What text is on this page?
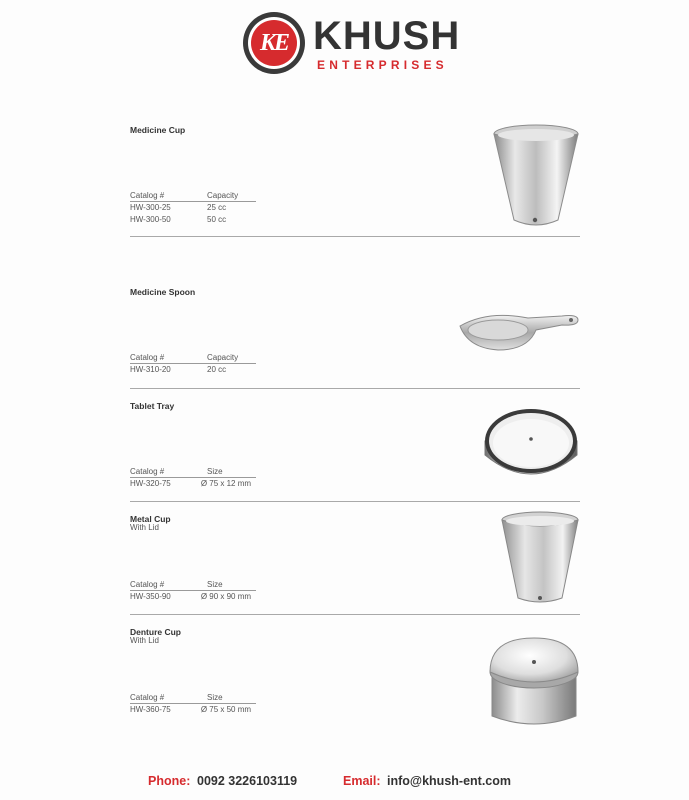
KE KHUSH
ENTERPRISES
Medicine Cup
Catalog #	Capacity
HW-300-25	25 cc
HW-300-50	50 cc
Medicine Spoon
Catalog #	Capacity
HW-310-20	20 cc
Tablet Tray
Catalog #	Size
HW-320-75	Ø 75 x 12 mm
Metal Cup
With Lid
Catalog #	Size
HW-350-90	Ø 90 x 90 mm
Denture Cup
With Lid
Catalog #	Size
HW-360-75	Ø 75 x 50 mm
Phone: 0092 3226103119	Email: info@khush-ent.com
